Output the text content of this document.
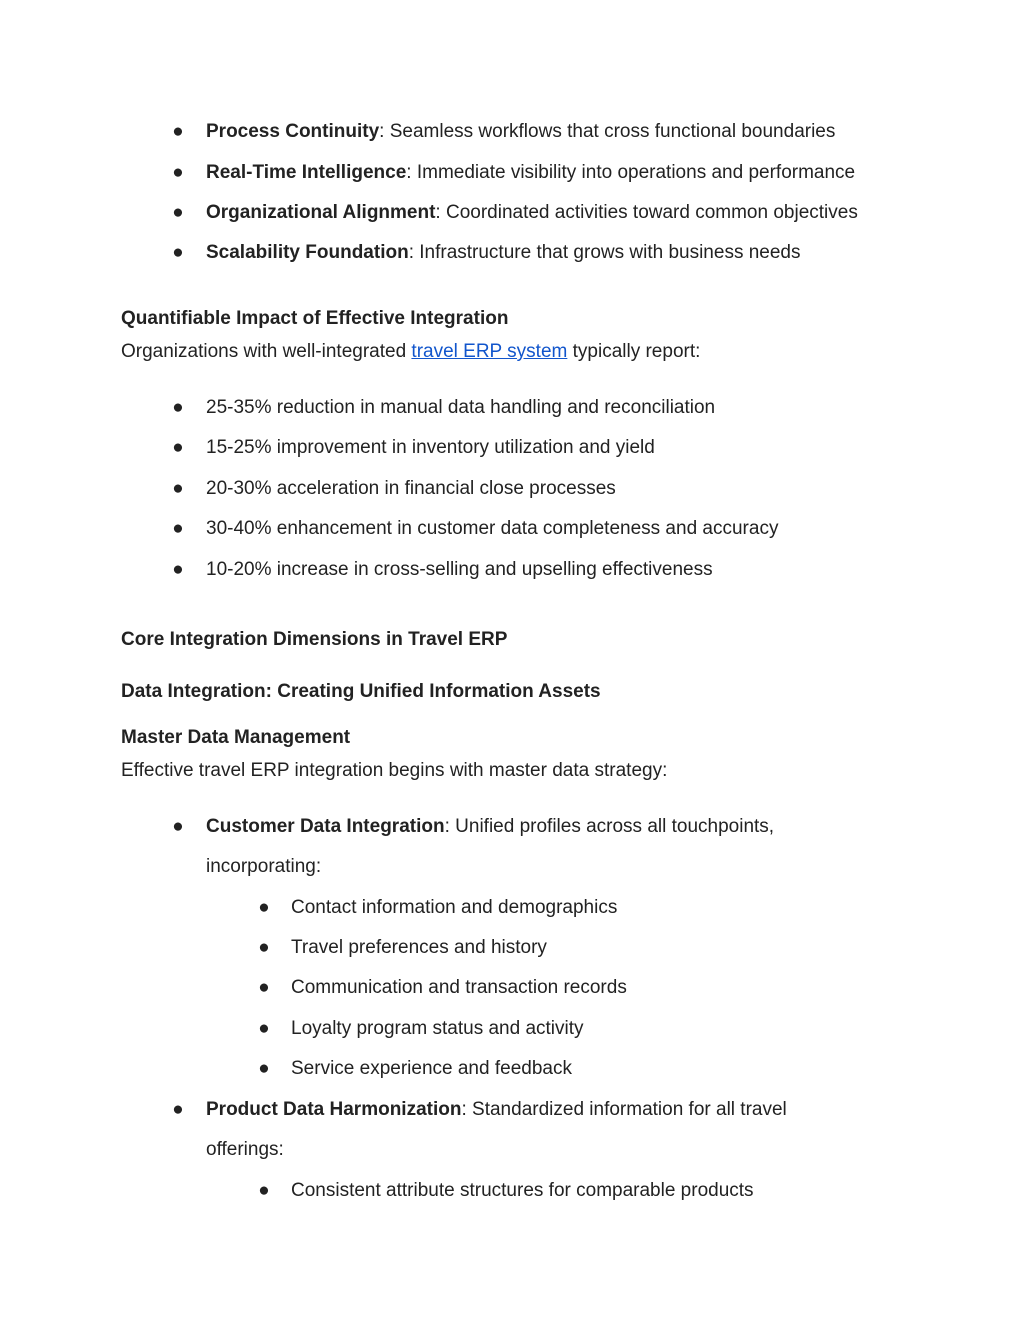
● Process Continuity: Seamless workflows that cross functional boundaries
● Real-Time Intelligence: Immediate visibility into operations and performance
● Organizational Alignment: Coordinated activities toward common objectives
● Scalability Foundation: Infrastructure that grows with business needs
Quantifiable Impact of Effective Integration
Organizations with well-integrated travel ERP system typically report:
● 25-35% reduction in manual data handling and reconciliation
● 15-25% improvement in inventory utilization and yield
● 20-30% acceleration in financial close processes
● 30-40% enhancement in customer data completeness and accuracy
● 10-20% increase in cross-selling and upselling effectiveness
Core Integration Dimensions in Travel ERP
Data Integration: Creating Unified Information Assets
Master Data Management
Effective travel ERP integration begins with master data strategy:
● Customer Data Integration: Unified profiles across all touchpoints,
incorporating:
● Contact information and demographics
● Travel preferences and history
● Communication and transaction records
● Loyalty program status and activity
● Service experience and feedback
● Product Data Harmonization: Standardized information for all travel
offerings:
● Consistent attribute structures for comparable products
